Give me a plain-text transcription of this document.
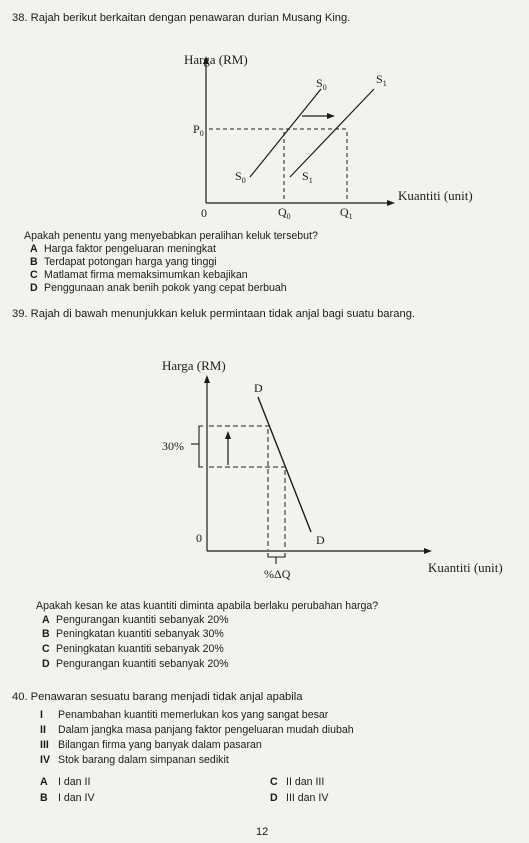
38. Rajah berikut berkaitan dengan penawaran durian Musang King.
Harga (RM)
Kuantiti (unit)
0
$P_0$
$Q_0$	$Q_1$
$S_0$
$S_1$
$S_0$	$S_1$
Apakah penentu yang menyebabkan peralihan keluk tersebut?
A Harga faktor pengeluaran meningkat
B Terdapat potongan harga yang tinggi
C Matlamat firma memaksimumkan kebajikan
D Penggunaan anak benih pokok yang cepat berbuah
39. Rajah di bawah menunjukkan keluk permintaan tidak anjal bagi suatu barang.
Harga (RM)
Kuantiti (unit)
0
D
D
30%
%ΔQ
Apakah kesan ke atas kuantiti diminta apabila berlaku perubahan harga?
A Pengurangan kuantiti sebanyak 20%
B Peningkatan kuantiti sebanyak 30%
C Peningkatan kuantiti sebanyak 20%
D Pengurangan kuantiti sebanyak 20%
40. Penawaran sesuatu barang menjadi tidak anjal apabila
I Penambahan kuantiti memerlukan kos yang sangat besar
II Dalam jangka masa panjang faktor pengeluaran mudah diubah
III Bilangan firma yang banyak dalam pasaran
IV Stok barang dalam simpanan sedikit
A I dan II	C II dan III
B I dan IV	D III dan IV
12
